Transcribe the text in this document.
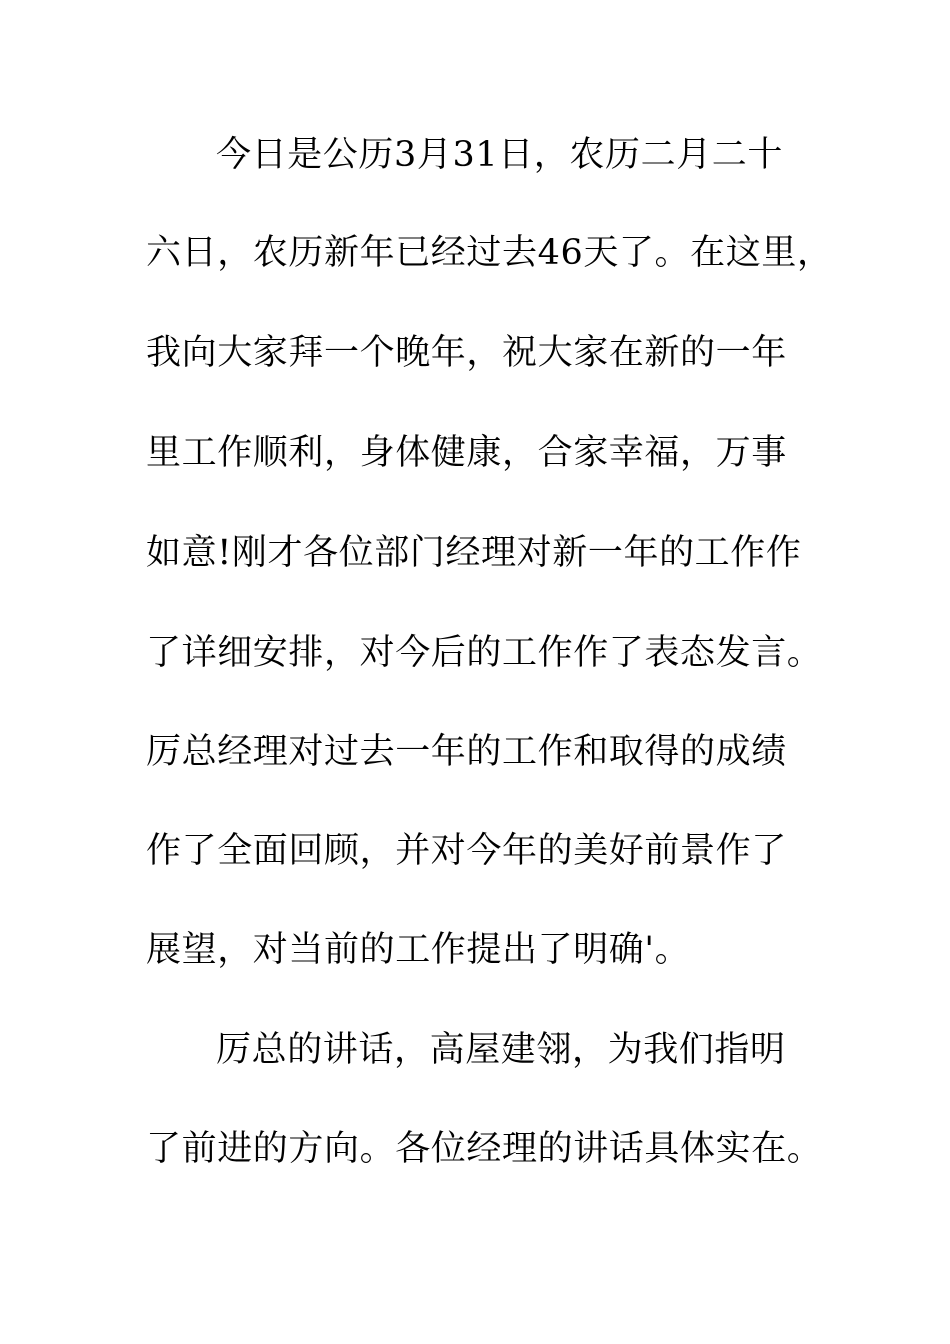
今日是公历3月31日，农历二月二十
六日，农历新年已经过去46天了。在这里，
我向大家拜一个晚年，祝大家在新的一年
里工作顺利，身体健康，合家幸福，万事
如意!刚才各位部门经理对新一年的工作作
了详细安排，对今后的工作作了表态发言。
厉总经理对过去一年的工作和取得的成绩
作了全面回顾，并对今年的美好前景作了
展望，对当前的工作提出了明确'。
厉总的讲话，高屋建翎，为我们指明
了前进的方向。各位经理的讲话具体实在。
